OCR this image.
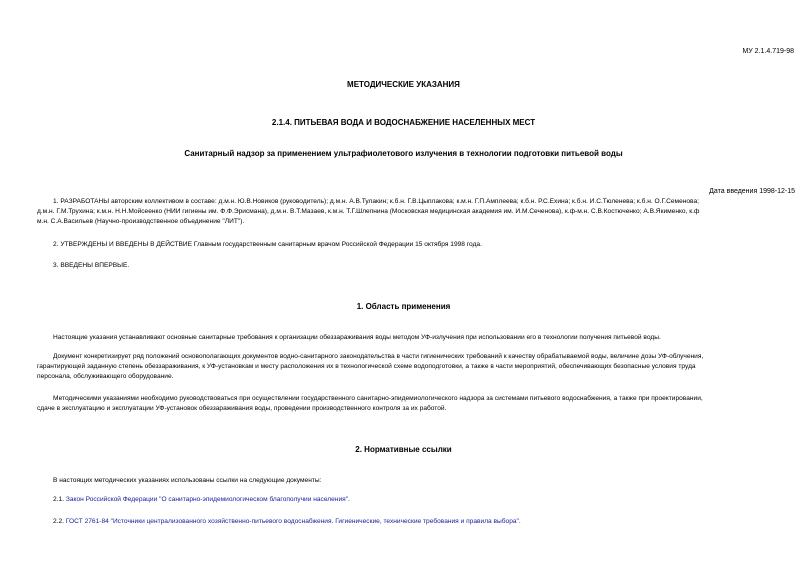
МУ 2.1.4.719-98
МЕТОДИЧЕСКИЕ УКАЗАНИЯ
2.1.4. ПИТЬЕВАЯ ВОДА И ВОДОСНАБЖЕНИЕ НАСЕЛЕННЫХ МЕСТ
Санитарный надзор за применением ультрафиолетового излучения в технологии подготовки питьевой воды
Дата введения 1998-12-15
1. РАЗРАБОТАНЫ авторским коллективом в составе: д.м.н. Ю.В.Новиков (руководитель); д.м.н. А.В.Тулакин; к.б.н. Г.В.Цыплакова; к.м.н. Г.П.Амплеева; к.б.н. Р.С.Ехина; к.б.н. И.С.Тюленева; к.б.н. О.Г.Семенова;
д.м.н. Г.М.Трухина; к.м.н. Н.Н.Мойсеенко (НИИ гигиены им. Ф.Ф.Эрисмана), д.м.н. В.Т.Мазаев, к.м.н. Т.Г.Шлепнина (Московская медицинская академия им. И.М.Сеченова), к.ф-м.н. С.В.Костюченко; А.В.Якименко, к.ф
м.н. С.А.Васильев (Научно-производственное объединение "ЛИТ").
2. УТВЕРЖДЕНЫ И ВВЕДЕНЫ В ДЕЙСТВИЕ Главным государственным санитарным врачом Российской Федерации 15 октября 1998 года.
3. ВВЕДЕНЫ ВПЕРВЫЕ.
1. Область применения
Настоящие указания устанавливают основные санитарные требования к организации обеззараживания воды методом УФ-излучения при использовании его в технологии получения питьевой воды.
Документ конкретизирует ряд положений основополагающих документов водно-санитарного законодательства в части гигиенических требований к качеству обрабатываемой воды, величине дозы УФ-облучения,
гарантирующей заданную степень обеззараживания, к УФ-установкам и месту расположения их в технологической схеме водоподготовки, а также в части мероприятий, обеспечивающих безопасные условия труда
персонала, обслуживающего оборудование.
Методическими указаниями необходимо руководствоваться при осуществлении государственного санитарно-эпидемиологического надзора за системами питьевого водоснабжения, а также при проектировании,
сдаче в эксплуатацию и эксплуатации УФ-установок обеззараживания воды, проведении производственного контроля за их работой.
2. Нормативные ссылки
В настоящих методических указаниях использованы ссылки на следующие документы:
2.1. Закон Российской Федерации "О санитарно-эпидемиологическом благополучии населения".
2.2. ГОСТ 2761-84 "Источники централизованного хозяйственно-питьевого водоснабжения. Гигиенические, технические требования и правила выбора".
